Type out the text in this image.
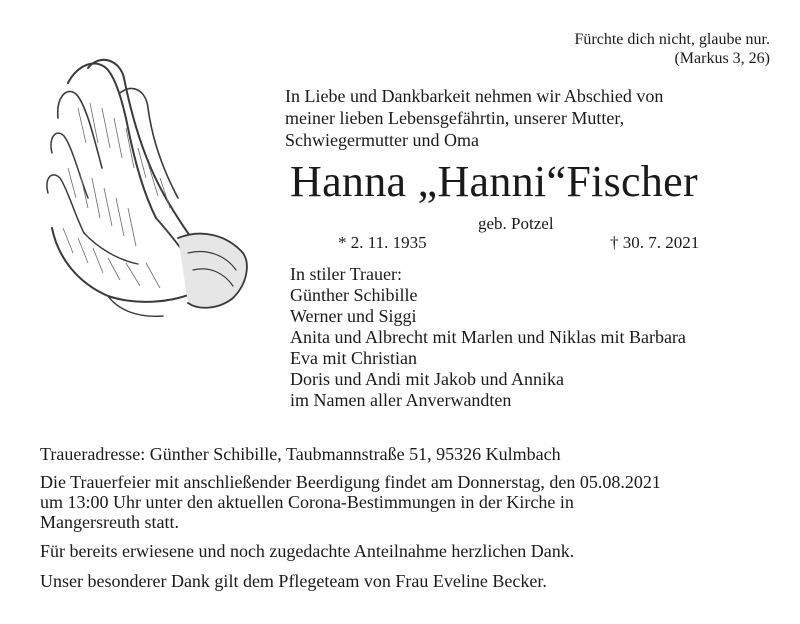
Fürchte dich nicht, glaube nur.
(Markus 3, 26)
In Liebe und Dankbarkeit nehmen wir Abschied von
meiner lieben Lebensgefährtin, unserer Mutter,
Schwiegermutter und Oma
Hanna „Hanni“Fischer
geb. Potzel
* 2. 11. 1935	† 30. 7. 2021
In stiler Trauer:
Günther Schibille
Werner und Siggi
Anita und Albrecht mit Marlen und Niklas mit Barbara
Eva mit Christian
Doris und Andi mit Jakob und Annika
im Namen aller Anverwandten
Traueradresse: Günther Schibille, Taubmannstraße 51, 95326 Kulmbach
Die Trauerfeier mit anschließender Beerdigung findet am Donnerstag, den 05.08.2021
um 13:00 Uhr unter den aktuellen Corona-Bestimmungen in der Kirche in
Mangersreuth statt.
Für bereits erwiesene und noch zugedachte Anteilnahme herzlichen Dank.
Unser besonderer Dank gilt dem Pflegeteam von Frau Eveline Becker.
